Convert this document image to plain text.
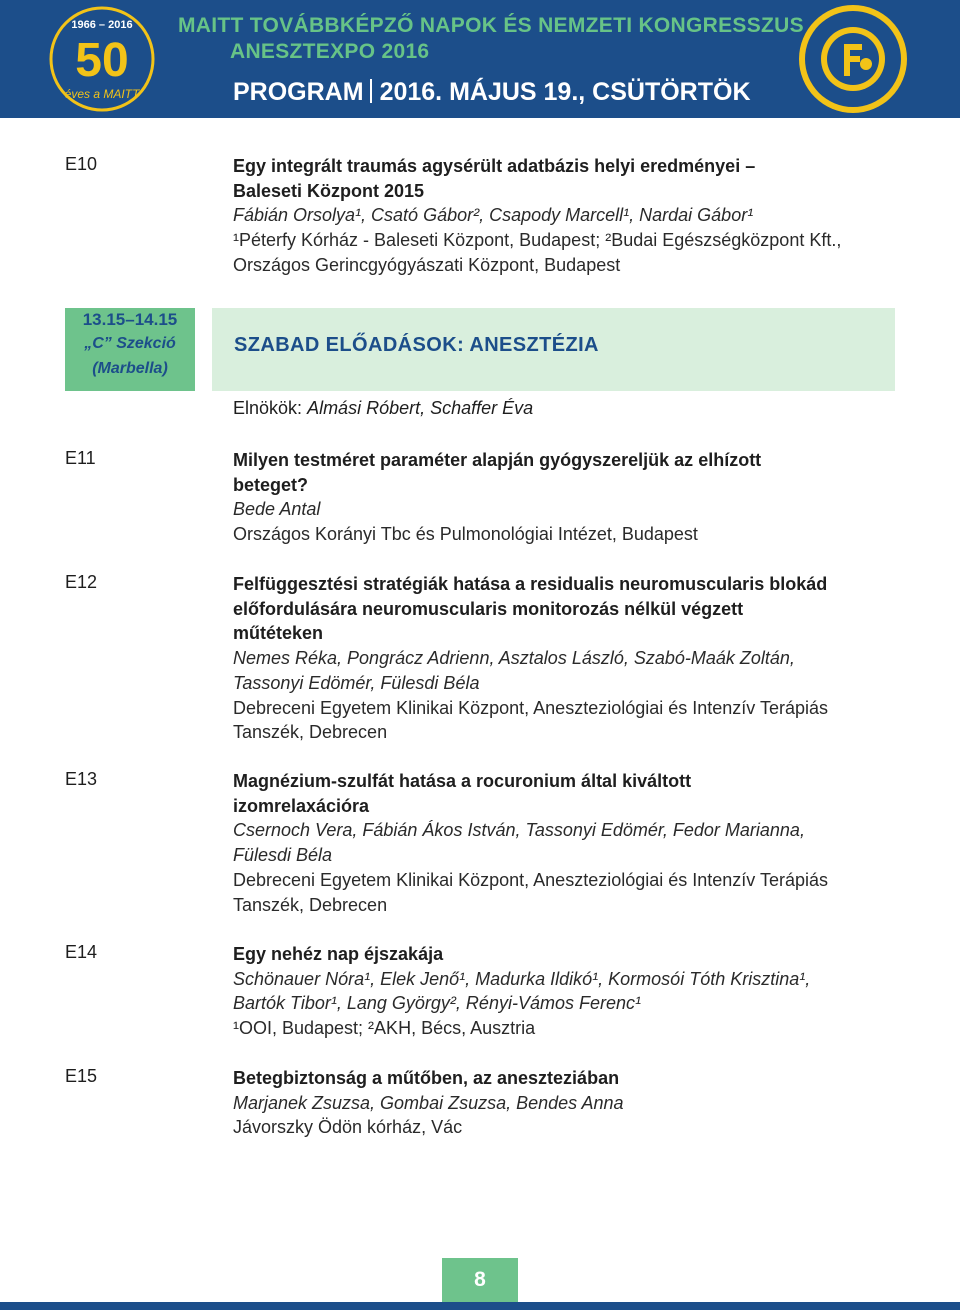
1966 – 2016
50
éves a MAITT
MAITT TOVÁBBKÉPZŐ NAPOK ÉS NEMZETI KONGRESSZUS
ANESZTEXPO 2016
PROGRAM 2016. MÁJUS 19., CSÜTÖRTÖK
E10	Egy integrált traumás agysérült adatbázis helyi eredményei –
Baleseti Központ 2015
Fábián Orsolya¹, Csató Gábor², Csapody Marcell¹, Nardai Gábor¹
¹Péterfy Kórház - Baleseti Központ, Budapest; ²Budai Egészségközpont Kft.,
Országos Gerincgyógyászati Központ, Budapest
13.15–14.15
„C” Szekció
(Marbella)
SZABAD ELŐADÁSOK: ANESZTÉZIA
Elnökök: Almási Róbert, Schaffer Éva
E11	Milyen testméret paraméter alapján gyógyszereljük az elhízott
beteget?
Bede Antal
Országos Korányi Tbc és Pulmonológiai Intézet, Budapest
E12	Felfüggesztési stratégiák hatása a residualis neuromuscularis blokád
előfordulására neuromuscularis monitorozás nélkül végzett
műtéteken
Nemes Réka, Pongrácz Adrienn, Asztalos László, Szabó-Maák Zoltán,
Tassonyi Edömér, Fülesdi Béla
Debreceni Egyetem Klinikai Központ, Aneszteziológiai és Intenzív Terápiás
Tanszék, Debrecen
E13	Magnézium-szulfát hatása a rocuronium által kiváltott
izomrelaxációra
Csernoch Vera, Fábián Ákos István, Tassonyi Edömér, Fedor Marianna,
Fülesdi Béla
Debreceni Egyetem Klinikai Központ, Aneszteziológiai és Intenzív Terápiás
Tanszék, Debrecen
E14	Egy nehéz nap éjszakája
Schönauer Nóra¹, Elek Jenő¹, Madurka Ildikó¹, Kormosói Tóth Krisztina¹,
Bartók Tibor¹, Lang György², Rényi-Vámos Ferenc¹
¹OOI, Budapest; ²AKH, Bécs, Ausztria
E15	Betegbiztonság a műtőben, az aneszteziában
Marjanek Zsuzsa, Gombai Zsuzsa, Bendes Anna
Jávorszky Ödön kórház, Vác
8
